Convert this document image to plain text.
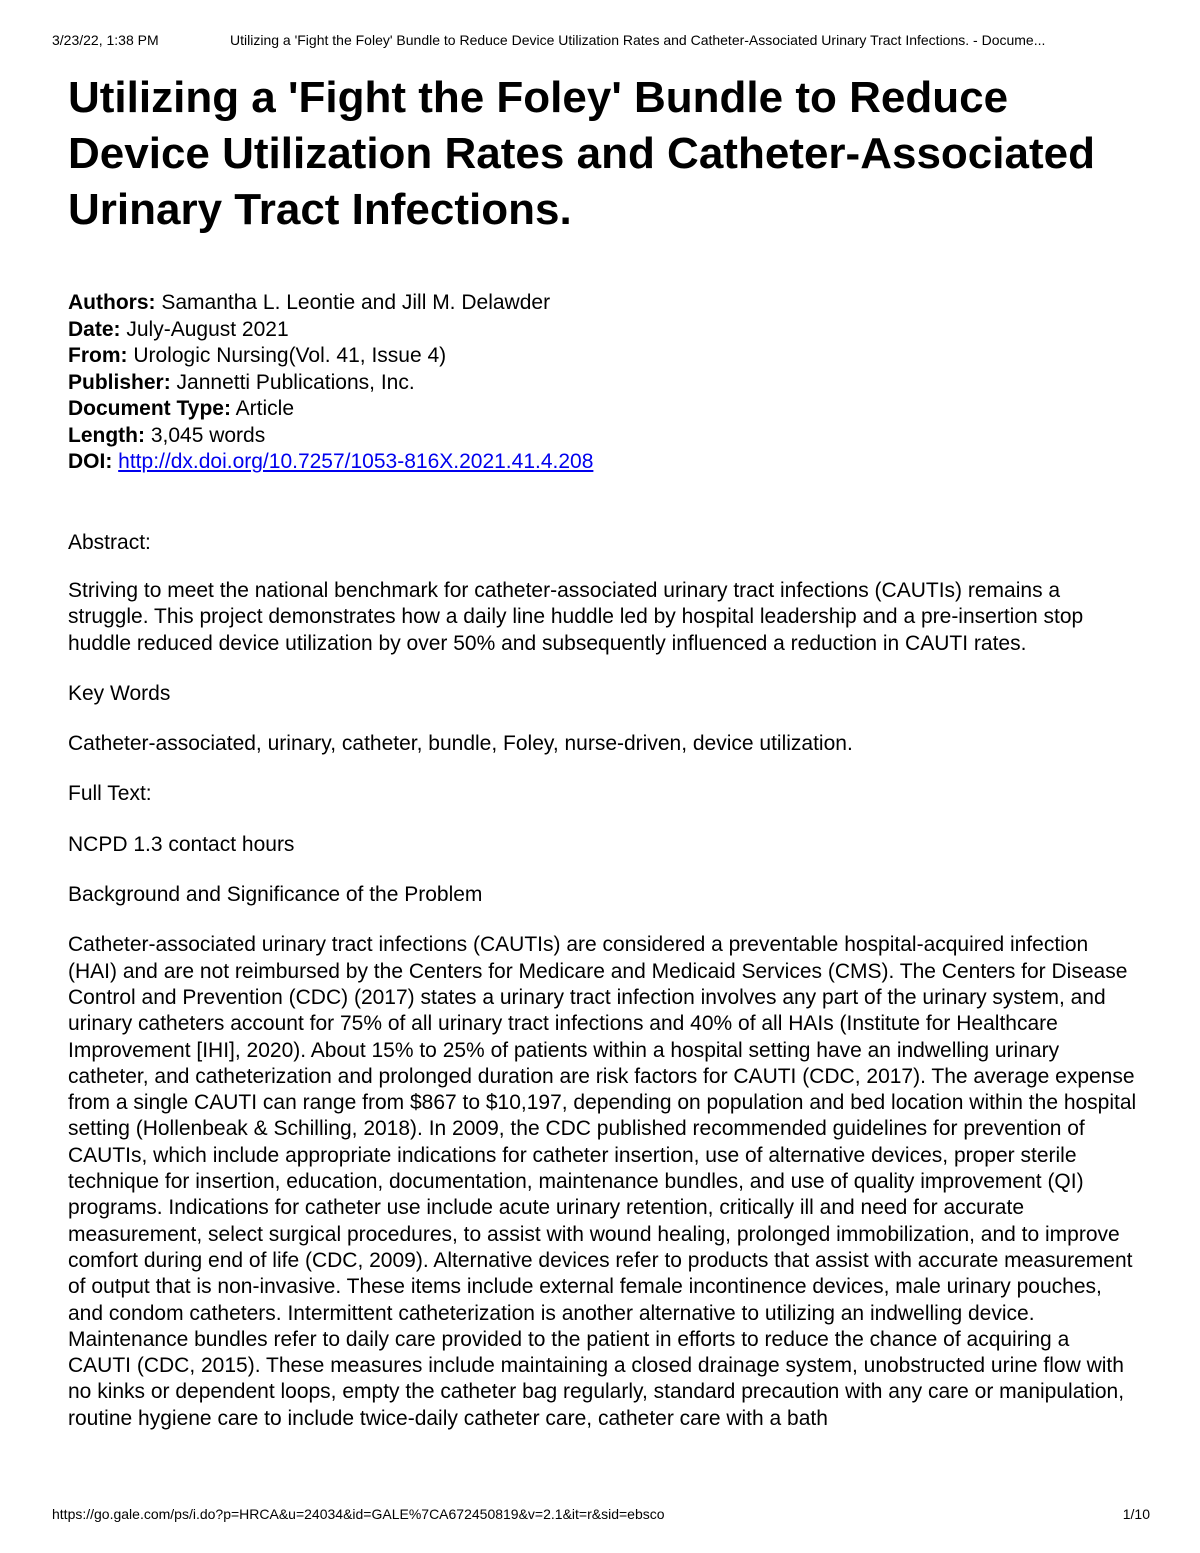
3/23/22, 1:38 PM	Utilizing a 'Fight the Foley' Bundle to Reduce Device Utilization Rates and Catheter-Associated Urinary Tract Infections. - Docume...
Utilizing a 'Fight the Foley' Bundle to Reduce Device Utilization Rates and Catheter-Associated Urinary Tract Infections.
Authors: Samantha L. Leontie and Jill M. Delawder
Date: July-August 2021
From: Urologic Nursing(Vol. 41, Issue 4)
Publisher: Jannetti Publications, Inc.
Document Type: Article
Length: 3,045 words
DOI: http://dx.doi.org/10.7257/1053-816X.2021.41.4.208
Abstract:

Striving to meet the national benchmark for catheter-associated urinary tract infections (CAUTIs) remains a struggle. This project demonstrates how a daily line huddle led by hospital leadership and a pre-insertion stop huddle reduced device utilization by over 50% and subsequently influenced a reduction in CAUTI rates.

Key Words

Catheter-associated, urinary, catheter, bundle, Foley, nurse-driven, device utilization.

Full Text:

NCPD 1.3 contact hours

Background and Significance of the Problem

Catheter-associated urinary tract infections (CAUTIs) are considered a preventable hospital-acquired infection (HAI) and are not reimbursed by the Centers for Medicare and Medicaid Services (CMS). The Centers for Disease Control and Prevention (CDC) (2017) states a urinary tract infection involves any part of the urinary system, and urinary catheters account for 75% of all urinary tract infections and 40% of all HAIs (Institute for Healthcare Improvement [IHI], 2020). About 15% to 25% of patients within a hospital setting have an indwelling urinary catheter, and catheterization and prolonged duration are risk factors for CAUTI (CDC, 2017). The average expense from a single CAUTI can range from $867 to $10,197, depending on population and bed location within the hospital setting (Hollenbeak & Schilling, 2018). In 2009, the CDC published recommended guidelines for prevention of CAUTIs, which include appropriate indications for catheter insertion, use of alternative devices, proper sterile technique for insertion, education, documentation, maintenance bundles, and use of quality improvement (QI) programs. Indications for catheter use include acute urinary retention, critically ill and need for accurate measurement, select surgical procedures, to assist with wound healing, prolonged immobilization, and to improve comfort during end of life (CDC, 2009). Alternative devices refer to products that assist with accurate measurement of output that is non-invasive. These items include external female incontinence devices, male urinary pouches, and condom catheters. Intermittent catheterization is another alternative to utilizing an indwelling device. Maintenance bundles refer to daily care provided to the patient in efforts to reduce the chance of acquiring a CAUTI (CDC, 2015). These measures include maintaining a closed drainage system, unobstructed urine flow with no kinks or dependent loops, empty the catheter bag regularly, standard precaution with any care or manipulation, routine hygiene care to include twice-daily catheter care, catheter care with a bath

https://go.gale.com/ps/i.do?p=HRCA&u=24034&id=GALE%7CA672450819&v=2.1&it=r&sid=ebsco	1/10
